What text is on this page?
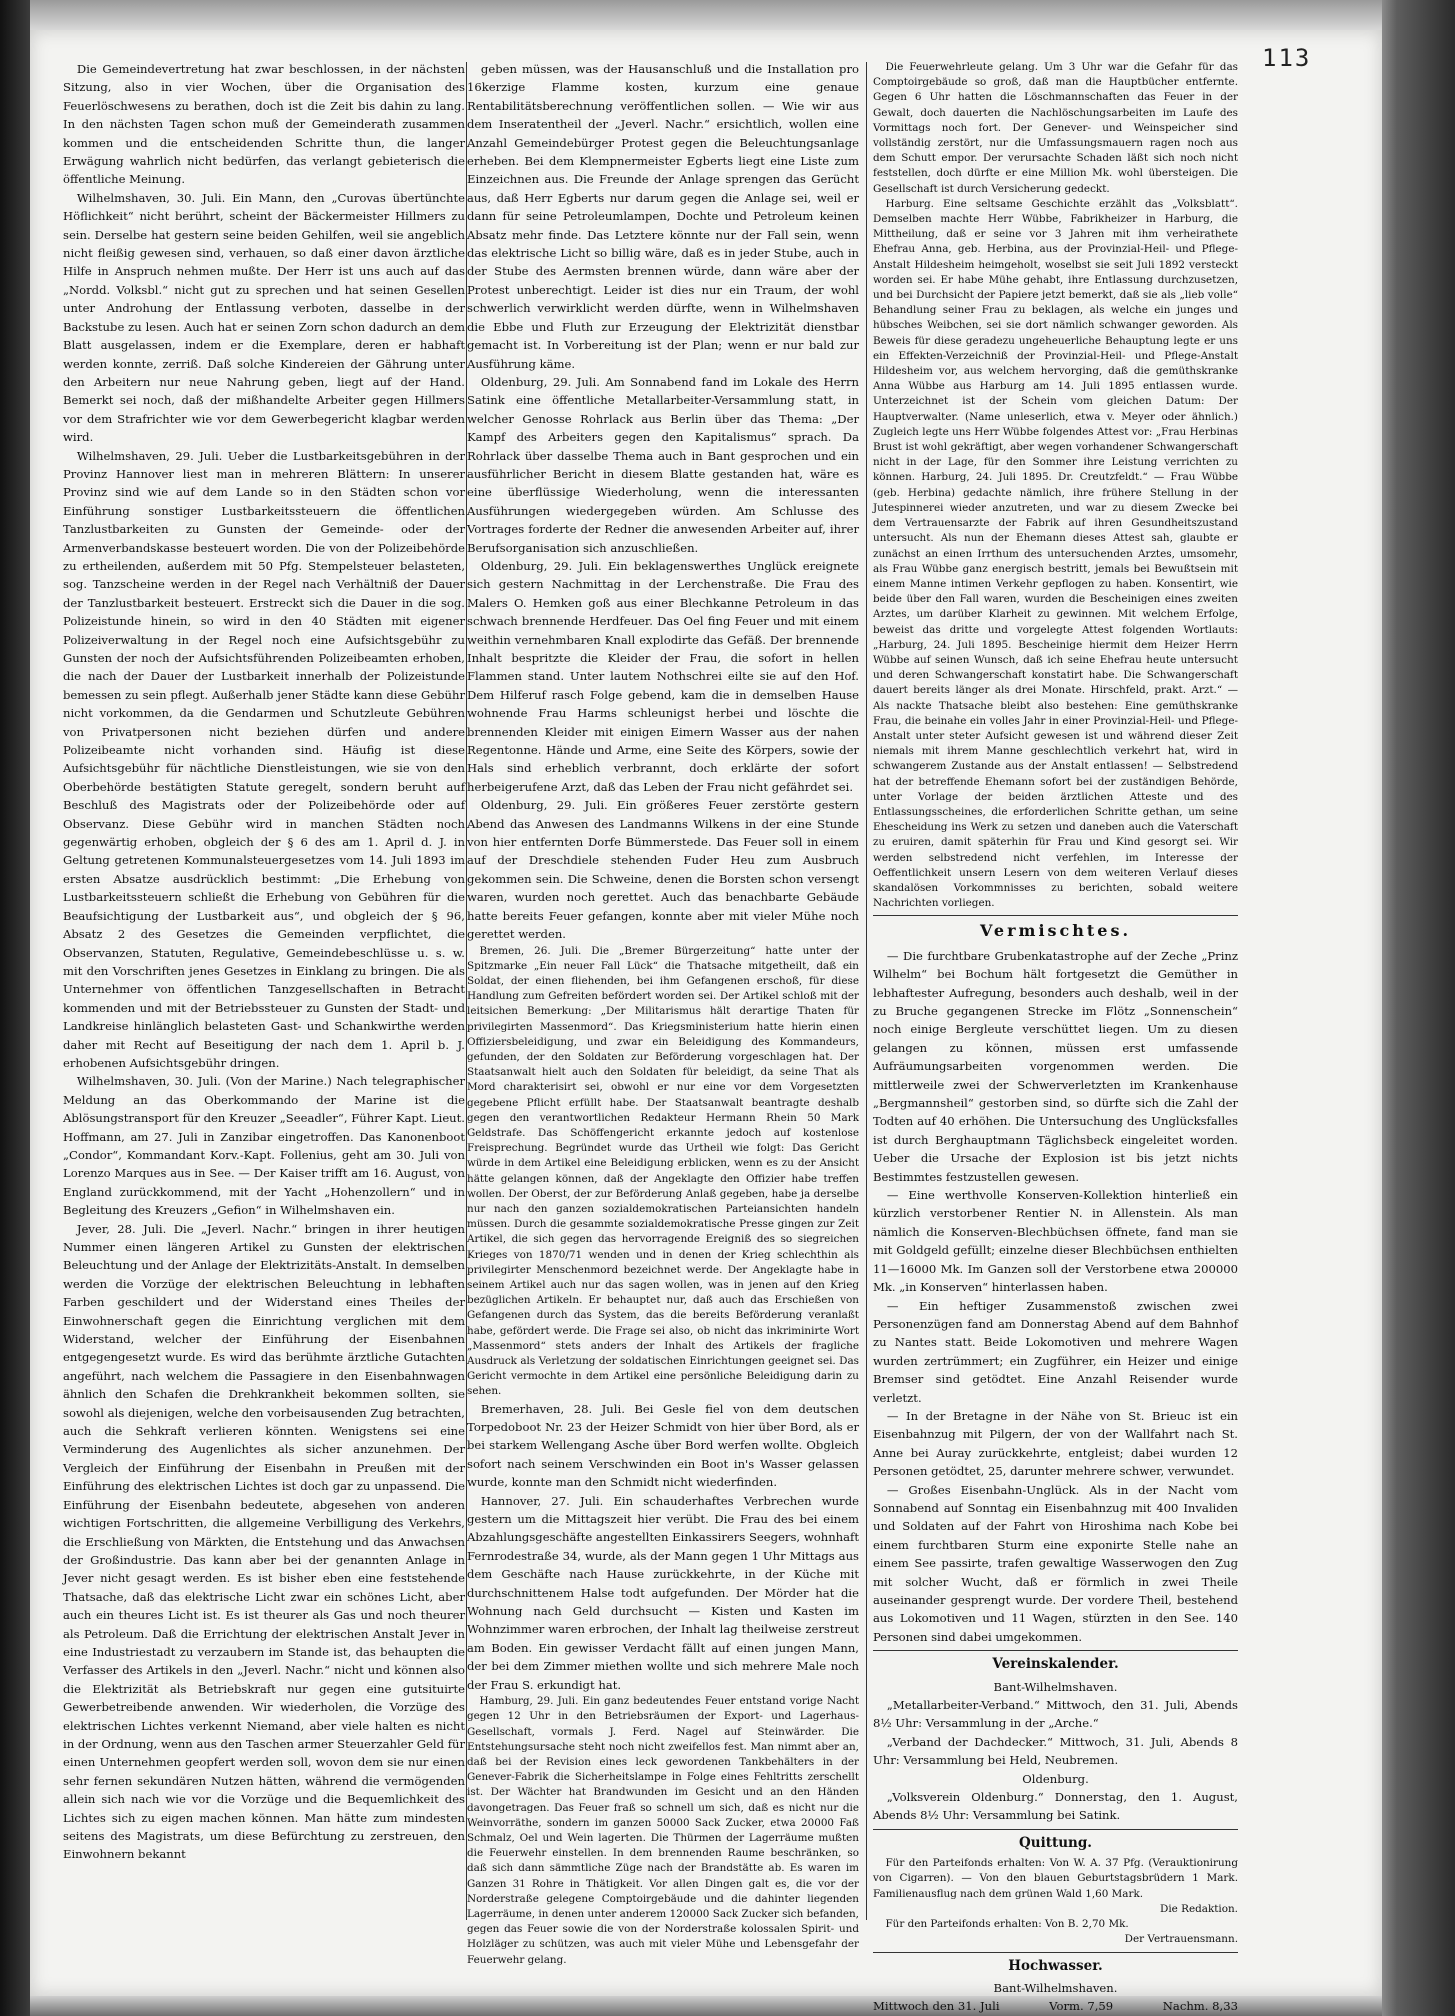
113

Die Gemeindevertretung hat zwar beschlossen, in der nächsten Sitzung, also in vier Wochen, über die Organisation des Feuerlöschwesens zu berathen, doch ist die Zeit bis dahin zu lang. In den nächsten Tagen schon muß der Gemeinderath zusammen kommen und die entscheidenden Schritte thun, die langer Erwägung wahrlich nicht bedürfen, das verlangt gebieterisch die öffentliche Meinung.

Wilhelmshaven, 30. Juli. Ein Mann, den „Curovas übertünchte Höflichkeit“ nicht berührt, scheint der Bäckermeister Hillmers zu sein. Derselbe hat gestern seine beiden Gehilfen, weil sie angeblich nicht fleißig gewesen sind, verhauen, so daß einer davon ärztliche Hilfe in Anspruch nehmen mußte. Der Herr ist uns auch auf das „Nordd. Volksbl.“ nicht gut zu sprechen und hat seinen Gesellen unter Androhung der Entlassung verboten, dasselbe in der Backstube zu lesen. Auch hat er seinen Zorn schon dadurch an dem Blatt ausgelassen, indem er die Exemplare, deren er habhaft werden konnte, zerriß. Daß solche Kindereien der Gährung unter den Arbeitern nur neue Nahrung geben, liegt auf der Hand. Bemerkt sei noch, daß der mißhandelte Arbeiter gegen Hillmers vor dem Strafrichter wie vor dem Gewerbegericht klagbar werden wird.

Wilhelmshaven, 29. Juli. Ueber die Lustbarkeitsgebühren in der Provinz Hannover liest man in mehreren Blättern: In unserer Provinz sind wie auf dem Lande so in den Städten schon vor Einführung sonstiger Lustbarkeitssteuern die öffentlichen Tanzlustbarkeiten zu Gunsten der Gemeinde- oder der Armenverbandskasse besteuert worden. Die von der Polizeibehörde zu ertheilenden, außerdem mit 50 Pfg. Stempelsteuer belasteten, sog. Tanzscheine werden in der Regel nach Verhältniß der Dauer der Tanzlustbarkeit besteuert. Erstreckt sich die Dauer in die sog. Polizeistunde hinein, so wird in den 40 Städten mit eigener Polizeiverwaltung in der Regel noch eine Aufsichtsgebühr zu Gunsten der noch der Aufsichtsführenden Polizeibeamten erhoben, die nach der Dauer der Lustbarkeit innerhalb der Polizeistunde bemessen zu sein pflegt. Außerhalb jener Städte kann diese Gebühr nicht vorkommen, da die Gendarmen und Schutzleute Gebühren von Privatpersonen nicht beziehen dürfen und andere Polizeibeamte nicht vorhanden sind. Häufig ist diese Aufsichtsgebühr für nächtliche Dienstleistungen, wie sie von den Oberbehörde bestätigten Statute geregelt, sondern beruht auf Beschluß des Magistrats oder der Polizeibehörde oder auf Observanz. Diese Gebühr wird in manchen Städten noch gegenwärtig erhoben, obgleich der § 6 des am 1. April d. J. in Geltung getretenen Kommunalsteuergesetzes vom 14. Juli 1893 im ersten Absatze ausdrücklich bestimmt: „Die Erhebung von Lustbarkeitssteuern schließt die Erhebung von Gebühren für die Beaufsichtigung der Lustbarkeit aus“, und obgleich der § 96, Absatz 2 des Gesetzes die Gemeinden verpflichtet, die Observanzen, Statuten, Regulative, Gemeindebeschlüsse u. s. w. mit den Vorschriften jenes Gesetzes in Einklang zu bringen. Die als Unternehmer von öffentlichen Tanzgesellschaften in Betracht kommenden und mit der Betriebssteuer zu Gunsten der Stadt- und Landkreise hinlänglich belasteten Gast- und Schankwirthe werden daher mit Recht auf Beseitigung der nach dem 1. April b. J. erhobenen Aufsichtsgebühr dringen.

Wilhelmshaven, 30. Juli. (Von der Marine.) Nach telegraphischer Meldung an das Oberkommando der Marine ist die Ablösungstransport für den Kreuzer „Seeadler“, Führer Kapt. Lieut. Hoffmann, am 27. Juli in Zanzibar eingetroffen. Das Kanonenboot „Condor“, Kommandant Korv.-Kapt. Follenius, geht am 30. Juli von Lorenzo Marques aus in See. — Der Kaiser trifft am 16. August, von England zurückkommend, mit der Yacht „Hohenzollern“ und in Begleitung des Kreuzers „Gefion“ in Wilhelmshaven ein.

Jever, 28. Juli. Die „Jeverl. Nachr.“ bringen in ihrer heutigen Nummer einen längeren Artikel zu Gunsten der elektrischen Beleuchtung und der Anlage der Elektrizitäts-Anstalt. In demselben werden die Vorzüge der elektrischen Beleuchtung in lebhaften Farben geschildert und der Widerstand eines Theiles der Einwohnerschaft gegen die Einrichtung verglichen mit dem Widerstand, welcher der Einführung der Eisenbahnen entgegengesetzt wurde. Es wird das berühmte ärztliche Gutachten angeführt, nach welchem die Passagiere in den Eisenbahnwagen ähnlich den Schafen die Drehkrankheit bekommen sollten, sie sowohl als diejenigen, welche den vorbeisausenden Zug betrachten, auch die Sehkraft verlieren könnten. Wenigstens sei eine Verminderung des Augenlichtes als sicher anzunehmen. Der Vergleich der Einführung der Eisenbahn in Preußen mit der Einführung des elektrischen Lichtes ist doch gar zu unpassend. Die Einführung der Eisenbahn bedeutete, abgesehen von anderen wichtigen Fortschritten, die allgemeine Verbilligung des Verkehrs, die Erschließung von Märkten, die Entstehung und das Anwachsen der Großindustrie. Das kann aber bei der genannten Anlage in Jever nicht gesagt werden. Es ist bisher eben eine feststehende Thatsache, daß das elektrische Licht zwar ein schönes Licht, aber auch ein theures Licht ist. Es ist theurer als Gas und noch theurer als Petroleum. Daß die Errichtung der elektrischen Anstalt Jever in eine Industriestadt zu verzaubern im Stande ist, das behaupten die Verfasser des Artikels in den „Jeverl. Nachr.“ nicht und können also die Elektrizität als Betriebskraft nur gegen eine gutsituirte Gewerbetreibende anwenden. Wir wiederholen, die Vorzüge des elektrischen Lichtes verkennt Niemand, aber viele halten es nicht in der Ordnung, wenn aus den Taschen armer Steuerzahler Geld für einen Unternehmen geopfert werden soll, wovon dem sie nur einen sehr fernen sekundären Nutzen hätten, während die vermögenden allein sich nach wie vor die Vorzüge und die Bequemlichkeit des Lichtes sich zu eigen machen können. Man hätte zum mindesten seitens des Magistrats, um diese Befürchtung zu zerstreuen, den Einwohnern bekannt

geben müssen, was der Hausanschluß und die Installation pro 16kerzige Flamme kosten, kurzum eine genaue Rentabilitätsberechnung veröffentlichen sollen. — Wie wir aus dem Inseratentheil der „Jeverl. Nachr.“ ersichtlich, wollen eine Anzahl Gemeindebürger Protest gegen die Beleuchtungsanlage erheben. Bei dem Klempnermeister Egberts liegt eine Liste zum Einzeichnen aus. Die Freunde der Anlage sprengen das Gerücht aus, daß Herr Egberts nur darum gegen die Anlage sei, weil er dann für seine Petroleumlampen, Dochte und Petroleum keinen Absatz mehr finde. Das Letztere könnte nur der Fall sein, wenn das elektrische Licht so billig wäre, daß es in jeder Stube, auch in der Stube des Aermsten brennen würde, dann wäre aber der Protest unberechtigt. Leider ist dies nur ein Traum, der wohl schwerlich verwirklicht werden dürfte, wenn in Wilhelmshaven die Ebbe und Fluth zur Erzeugung der Elektrizität dienstbar gemacht ist. In Vorbereitung ist der Plan; wenn er nur bald zur Ausführung käme.

Oldenburg, 29. Juli. Am Sonnabend fand im Lokale des Herrn Satink eine öffentliche Metallarbeiter-Versammlung statt, in welcher Genosse Rohrlack aus Berlin über das Thema: „Der Kampf des Arbeiters gegen den Kapitalismus“ sprach. Da Rohrlack über dasselbe Thema auch in Bant gesprochen und ein ausführlicher Bericht in diesem Blatte gestanden hat, wäre es eine überflüssige Wiederholung, wenn die interessanten Ausführungen wiedergegeben würden. Am Schlusse des Vortrages forderte der Redner die anwesenden Arbeiter auf, ihrer Berufsorganisation sich anzuschließen.

Oldenburg, 29. Juli. Ein beklagenswerthes Unglück ereignete sich gestern Nachmittag in der Lerchenstraße. Die Frau des Malers O. Hemken goß aus einer Blechkanne Petroleum in das schwach brennende Herdfeuer. Das Oel fing Feuer und mit einem weithin vernehmbaren Knall explodirte das Gefäß. Der brennende Inhalt bespritzte die Kleider der Frau, die sofort in hellen Flammen stand. Unter lautem Nothschrei eilte sie auf den Hof. Dem Hilferuf rasch Folge gebend, kam die in demselben Hause wohnende Frau Harms schleunigst herbei und löschte die brennenden Kleider mit einigen Eimern Wasser aus der nahen Regentonne. Hände und Arme, eine Seite des Körpers, sowie der Hals sind erheblich verbrannt, doch erklärte der sofort herbeigerufene Arzt, daß das Leben der Frau nicht gefährdet sei.

Oldenburg, 29. Juli. Ein größeres Feuer zerstörte gestern Abend das Anwesen des Landmanns Wilkens in der eine Stunde von hier entfernten Dorfe Bümmerstede. Das Feuer soll in einem auf der Dreschdiele stehenden Fuder Heu zum Ausbruch gekommen sein. Die Schweine, denen die Borsten schon versengt waren, wurden noch gerettet. Auch das benachbarte Gebäude hatte bereits Feuer gefangen, konnte aber mit vieler Mühe noch gerettet werden.

Bremen, 26. Juli. Die „Bremer Bürgerzeitung“ hatte unter der Spitzmarke „Ein neuer Fall Lück“ die Thatsache mitgetheilt, daß ein Soldat, der einen fliehenden, bei ihm Gefangenen erschoß, für diese Handlung zum Gefreiten befördert worden sei. Der Artikel schloß mit der leitsichen Bemerkung: „Der Militarismus hält derartige Thaten für privilegirten Massenmord“. Das Kriegsministerium hatte hierin einen Offiziersbeleidigung, und zwar ein Beleidigung des Kommandeurs, gefunden, der den Soldaten zur Beförderung vorgeschlagen hat. Der Staatsanwalt hielt auch den Soldaten für beleidigt, da seine That als Mord charakterisirt sei, obwohl er nur eine vor dem Vorgesetzten gegebene Pflicht erfüllt habe. Der Staatsanwalt beantragte deshalb gegen den verantwortlichen Redakteur Hermann Rhein 50 Mark Geldstrafe. Das Schöffengericht erkannte jedoch auf kostenlose Freisprechung. Begründet wurde das Urtheil wie folgt: Das Gericht würde in dem Artikel eine Beleidigung erblicken, wenn es zu der Ansicht hätte gelangen können, daß der Angeklagte den Offizier habe treffen wollen. Der Oberst, der zur Beförderung Anlaß gegeben, habe ja derselbe nur nach den ganzen sozialdemokratischen Parteiansichten handeln müssen. Durch die gesammte sozialdemokratische Presse gingen zur Zeit Artikel, die sich gegen das hervorragende Ereigniß des so siegreichen Krieges von 1870/71 wenden und in denen der Krieg schlechthin als privilegirter Menschenmord bezeichnet werde. Der Angeklagte habe in seinem Artikel auch nur das sagen wollen, was in jenen auf den Krieg bezüglichen Artikeln. Er behauptet nur, daß auch das Erschießen von Gefangenen durch das System, das die bereits Beförderung veranlaßt habe, gefördert werde. Die Frage sei also, ob nicht das inkriminirte Wort „Massenmord“ stets anders der Inhalt des Artikels der fragliche Ausdruck als Verletzung der soldatischen Einrichtungen geeignet sei. Das Gericht vermochte in dem Artikel eine persönliche Beleidigung darin zu sehen.

Bremerhaven, 28. Juli. Bei Gesle fiel von dem deutschen Torpedoboot Nr. 23 der Heizer Schmidt von hier über Bord, als er bei starkem Wellengang Asche über Bord werfen wollte. Obgleich sofort nach seinem Verschwinden ein Boot in's Wasser gelassen wurde, konnte man den Schmidt nicht wiederfinden.

Hannover, 27. Juli. Ein schauderhaftes Verbrechen wurde gestern um die Mittagszeit hier verübt. Die Frau des bei einem Abzahlungsgeschäfte angestellten Einkassirers Seegers, wohnhaft Fernrodestraße 34, wurde, als der Mann gegen 1 Uhr Mittags aus dem Geschäfte nach Hause zurückkehrte, in der Küche mit durchschnittenem Halse todt aufgefunden. Der Mörder hat die Wohnung nach Geld durchsucht — Kisten und Kasten im Wohnzimmer waren erbrochen, der Inhalt lag theilweise zerstreut am Boden. Ein gewisser Verdacht fällt auf einen jungen Mann, der bei dem Zimmer miethen wollte und sich mehrere Male noch der Frau S. erkundigt hat.

Hamburg, 29. Juli. Ein ganz bedeutendes Feuer entstand vorige Nacht gegen 12 Uhr in den Betriebsräumen der Export- und Lagerhaus-Gesellschaft, vormals J. Ferd. Nagel auf Steinwärder. Die Entstehungsursache steht noch nicht zweifellos fest. Man nimmt aber an, daß bei der Revision eines leck gewordenen Tankbehälters in der Genever-Fabrik die Sicherheitslampe in Folge eines Fehltritts zerschellt ist. Der Wächter hat Brandwunden im Gesicht und an den Händen davongetragen. Das Feuer fraß so schnell um sich, daß es nicht nur die Weinvorräthe, sondern im ganzen 50000 Sack Zucker, etwa 20000 Faß Schmalz, Oel und Wein lagerten. Die Thürmen der Lagerräume mußten die Feuerwehr einstellen. In dem brennenden Raume beschränken, so daß sich dann sämmtliche Züge nach der Brandstätte ab. Es waren im Ganzen 31 Rohre in Thätigkeit. Vor allen Dingen galt es, die vor der Norderstraße gelegene Comptoirgebäude und die dahinter liegenden Lagerräume, in denen unter anderem 120000 Sack Zucker sich befanden, gegen das Feuer sowie die von der Norderstraße kolossalen Spirit- und Holzläger zu schützen, was auch mit vieler Mühe und Lebensgefahr der Feuerwehr gelang.

Die Feuerwehrleute gelang. Um 3 Uhr war die Gefahr für das Comptoirgebäude so groß, daß man die Hauptbücher entfernte. Gegen 6 Uhr hatten die Löschmannschaften das Feuer in der Gewalt, doch dauerten die Nachlöschungsarbeiten im Laufe des Vormittags noch fort. Der Genever- und Weinspeicher sind vollständig zerstört, nur die Umfassungsmauern ragen noch aus dem Schutt empor. Der verursachte Schaden läßt sich noch nicht feststellen, doch dürfte er eine Million Mk. wohl übersteigen. Die Gesellschaft ist durch Versicherung gedeckt.

Harburg. Eine seltsame Geschichte erzählt das „Volksblatt“. Demselben machte Herr Wübbe, Fabrikheizer in Harburg, die Mittheilung, daß er seine vor 3 Jahren mit ihm verheirathete Ehefrau Anna, geb. Herbina, aus der Provinzial-Heil- und Pflege-Anstalt Hildesheim heimgeholt, woselbst sie seit Juli 1892 versteckt worden sei. Er habe Mühe gehabt, ihre Entlassung durchzusetzen, und bei Durchsicht der Papiere jetzt bemerkt, daß sie als „lieb volle“ Behandlung seiner Frau zu beklagen, als welche ein junges und hübsches Weibchen, sei sie dort nämlich schwanger geworden. Als Beweis für diese geradezu ungeheuerliche Behauptung legte er uns ein Effekten-Verzeichniß der Provinzial-Heil- und Pflege-Anstalt Hildesheim vor, aus welchem hervorging, daß die gemüthskranke Anna Wübbe aus Harburg am 14. Juli 1895 entlassen wurde. Unterzeichnet ist der Schein vom gleichen Datum: Der Hauptverwalter. (Name unleserlich, etwa v. Meyer oder ähnlich.) Zugleich legte uns Herr Wübbe folgendes Attest vor: „Frau Herbinas Brust ist wohl gekräftigt, aber wegen vorhandener Schwangerschaft nicht in der Lage, für den Sommer ihre Leistung verrichten zu können. Harburg, 24. Juli 1895. Dr. Creutzfeldt.“ — Frau Wübbe (geb. Herbina) gedachte nämlich, ihre frühere Stellung in der Jutespinnerei wieder anzutreten, und war zu diesem Zwecke bei dem Vertrauensarzte der Fabrik auf ihren Gesundheitszustand untersucht. Als nun der Ehemann dieses Attest sah, glaubte er zunächst an einen Irrthum des untersuchenden Arztes, umsomehr, als Frau Wübbe ganz energisch bestritt, jemals bei Bewußtsein mit einem Manne intimen Verkehr gepflogen zu haben. Konsentirt, wie beide über den Fall waren, wurden die Bescheinigen eines zweiten Arztes, um darüber Klarheit zu gewinnen. Mit welchem Erfolge, beweist das dritte und vorgelegte Attest folgenden Wortlauts: „Harburg, 24. Juli 1895. Bescheinige hiermit dem Heizer Herrn Wübbe auf seinen Wunsch, daß ich seine Ehefrau heute untersucht und deren Schwangerschaft konstatirt habe. Die Schwangerschaft dauert bereits länger als drei Monate. Hirschfeld, prakt. Arzt.“ — Als nackte Thatsache bleibt also bestehen: Eine gemüthskranke Frau, die beinahe ein volles Jahr in einer Provinzial-Heil- und Pflege-Anstalt unter steter Aufsicht gewesen ist und während dieser Zeit niemals mit ihrem Manne geschlechtlich verkehrt hat, wird in schwangerem Zustande aus der Anstalt entlassen! — Selbstredend hat der betreffende Ehemann sofort bei der zuständigen Behörde, unter Vorlage der beiden ärztlichen Atteste und des Entlassungsscheines, die erforderlichen Schritte gethan, um seine Ehescheidung ins Werk zu setzen und daneben auch die Vaterschaft zu eruiren, damit späterhin für Frau und Kind gesorgt sei. Wir werden selbstredend nicht verfehlen, im Interesse der Oeffentlichkeit unsern Lesern von dem weiteren Verlauf dieses skandalösen Vorkommnisses zu berichten, sobald weitere Nachrichten vorliegen.

Vermischtes.

— Die furchtbare Grubenkatastrophe auf der Zeche „Prinz Wilhelm“ bei Bochum hält fortgesetzt die Gemüther in lebhaftester Aufregung, besonders auch deshalb, weil in der zu Bruche gegangenen Strecke im Flötz „Sonnenschein“ noch einige Bergleute verschüttet liegen. Um zu diesen gelangen zu können, müssen erst umfassende Aufräumungsarbeiten vorgenommen werden. Die mittlerweile zwei der Schwerverletzten im Krankenhause „Bergmannsheil“ gestorben sind, so dürfte sich die Zahl der Todten auf 40 erhöhen. Die Untersuchung des Unglücksfalles ist durch Berghauptmann Täglichsbeck eingeleitet worden. Ueber die Ursache der Explosion ist bis jetzt nichts Bestimmtes festzustellen gewesen.

— Eine werthvolle Konserven-Kollektion hinterließ ein kürzlich verstorbener Rentier N. in Allenstein. Als man nämlich die Konserven-Blechbüchsen öffnete, fand man sie mit Goldgeld gefüllt; einzelne dieser Blechbüchsen enthielten 11—16000 Mk. Im Ganzen soll der Verstorbene etwa 200000 Mk. „in Konserven“ hinterlassen haben.

— Ein heftiger Zusammenstoß zwischen zwei Personenzügen fand am Donnerstag Abend auf dem Bahnhof zu Nantes statt. Beide Lokomotiven und mehrere Wagen wurden zertrümmert; ein Zugführer, ein Heizer und einige Bremser sind getödtet. Eine Anzahl Reisender wurde verletzt.

— In der Bretagne in der Nähe von St. Brieuc ist ein Eisenbahnzug mit Pilgern, der von der Wallfahrt nach St. Anne bei Auray zurückkehrte, entgleist; dabei wurden 12 Personen getödtet, 25, darunter mehrere schwer, verwundet.

— Großes Eisenbahn-Unglück. Als in der Nacht vom Sonnabend auf Sonntag ein Eisenbahnzug mit 400 Invaliden und Soldaten auf der Fahrt von Hiroshima nach Kobe bei einem furchtbaren Sturm eine exponirte Stelle nahe an einem See passirte, trafen gewaltige Wasserwogen den Zug mit solcher Wucht, daß er förmlich in zwei Theile auseinander gesprengt wurde. Der vordere Theil, bestehend aus Lokomotiven und 11 Wagen, stürzten in den See. 140 Personen sind dabei umgekommen.

Vereinskalender.
Bant-Wilhelmshaven.

„Metallarbeiter-Verband.“ Mittwoch, den 31. Juli, Abends 8½ Uhr: Versammlung in der „Arche.“

„Verband der Dachdecker.“ Mittwoch, 31. Juli, Abends 8 Uhr: Versammlung bei Held, Neubremen.

Oldenburg.

„Volksverein Oldenburg.“ Donnerstag, den 1. August, Abends 8½ Uhr: Versammlung bei Satink.

Quittung.

Für den Parteifonds erhalten: Von W. A. 37 Pfg. (Verauktionirung von Cigarren). — Von den blauen Geburtstagsbrüdern 1 Mark. Familienausflug nach dem grünen Wald 1,60 Mark.

Die Redaktion.

Für den Parteifonds erhalten: Von B. 2,70 Mk.

Der Vertrauensmann.
Hochwasser.
Bant-Wilhelmshaven.
Mittwoch den 31. Juli	Vorm. 7,59	Nachm. 8,33
